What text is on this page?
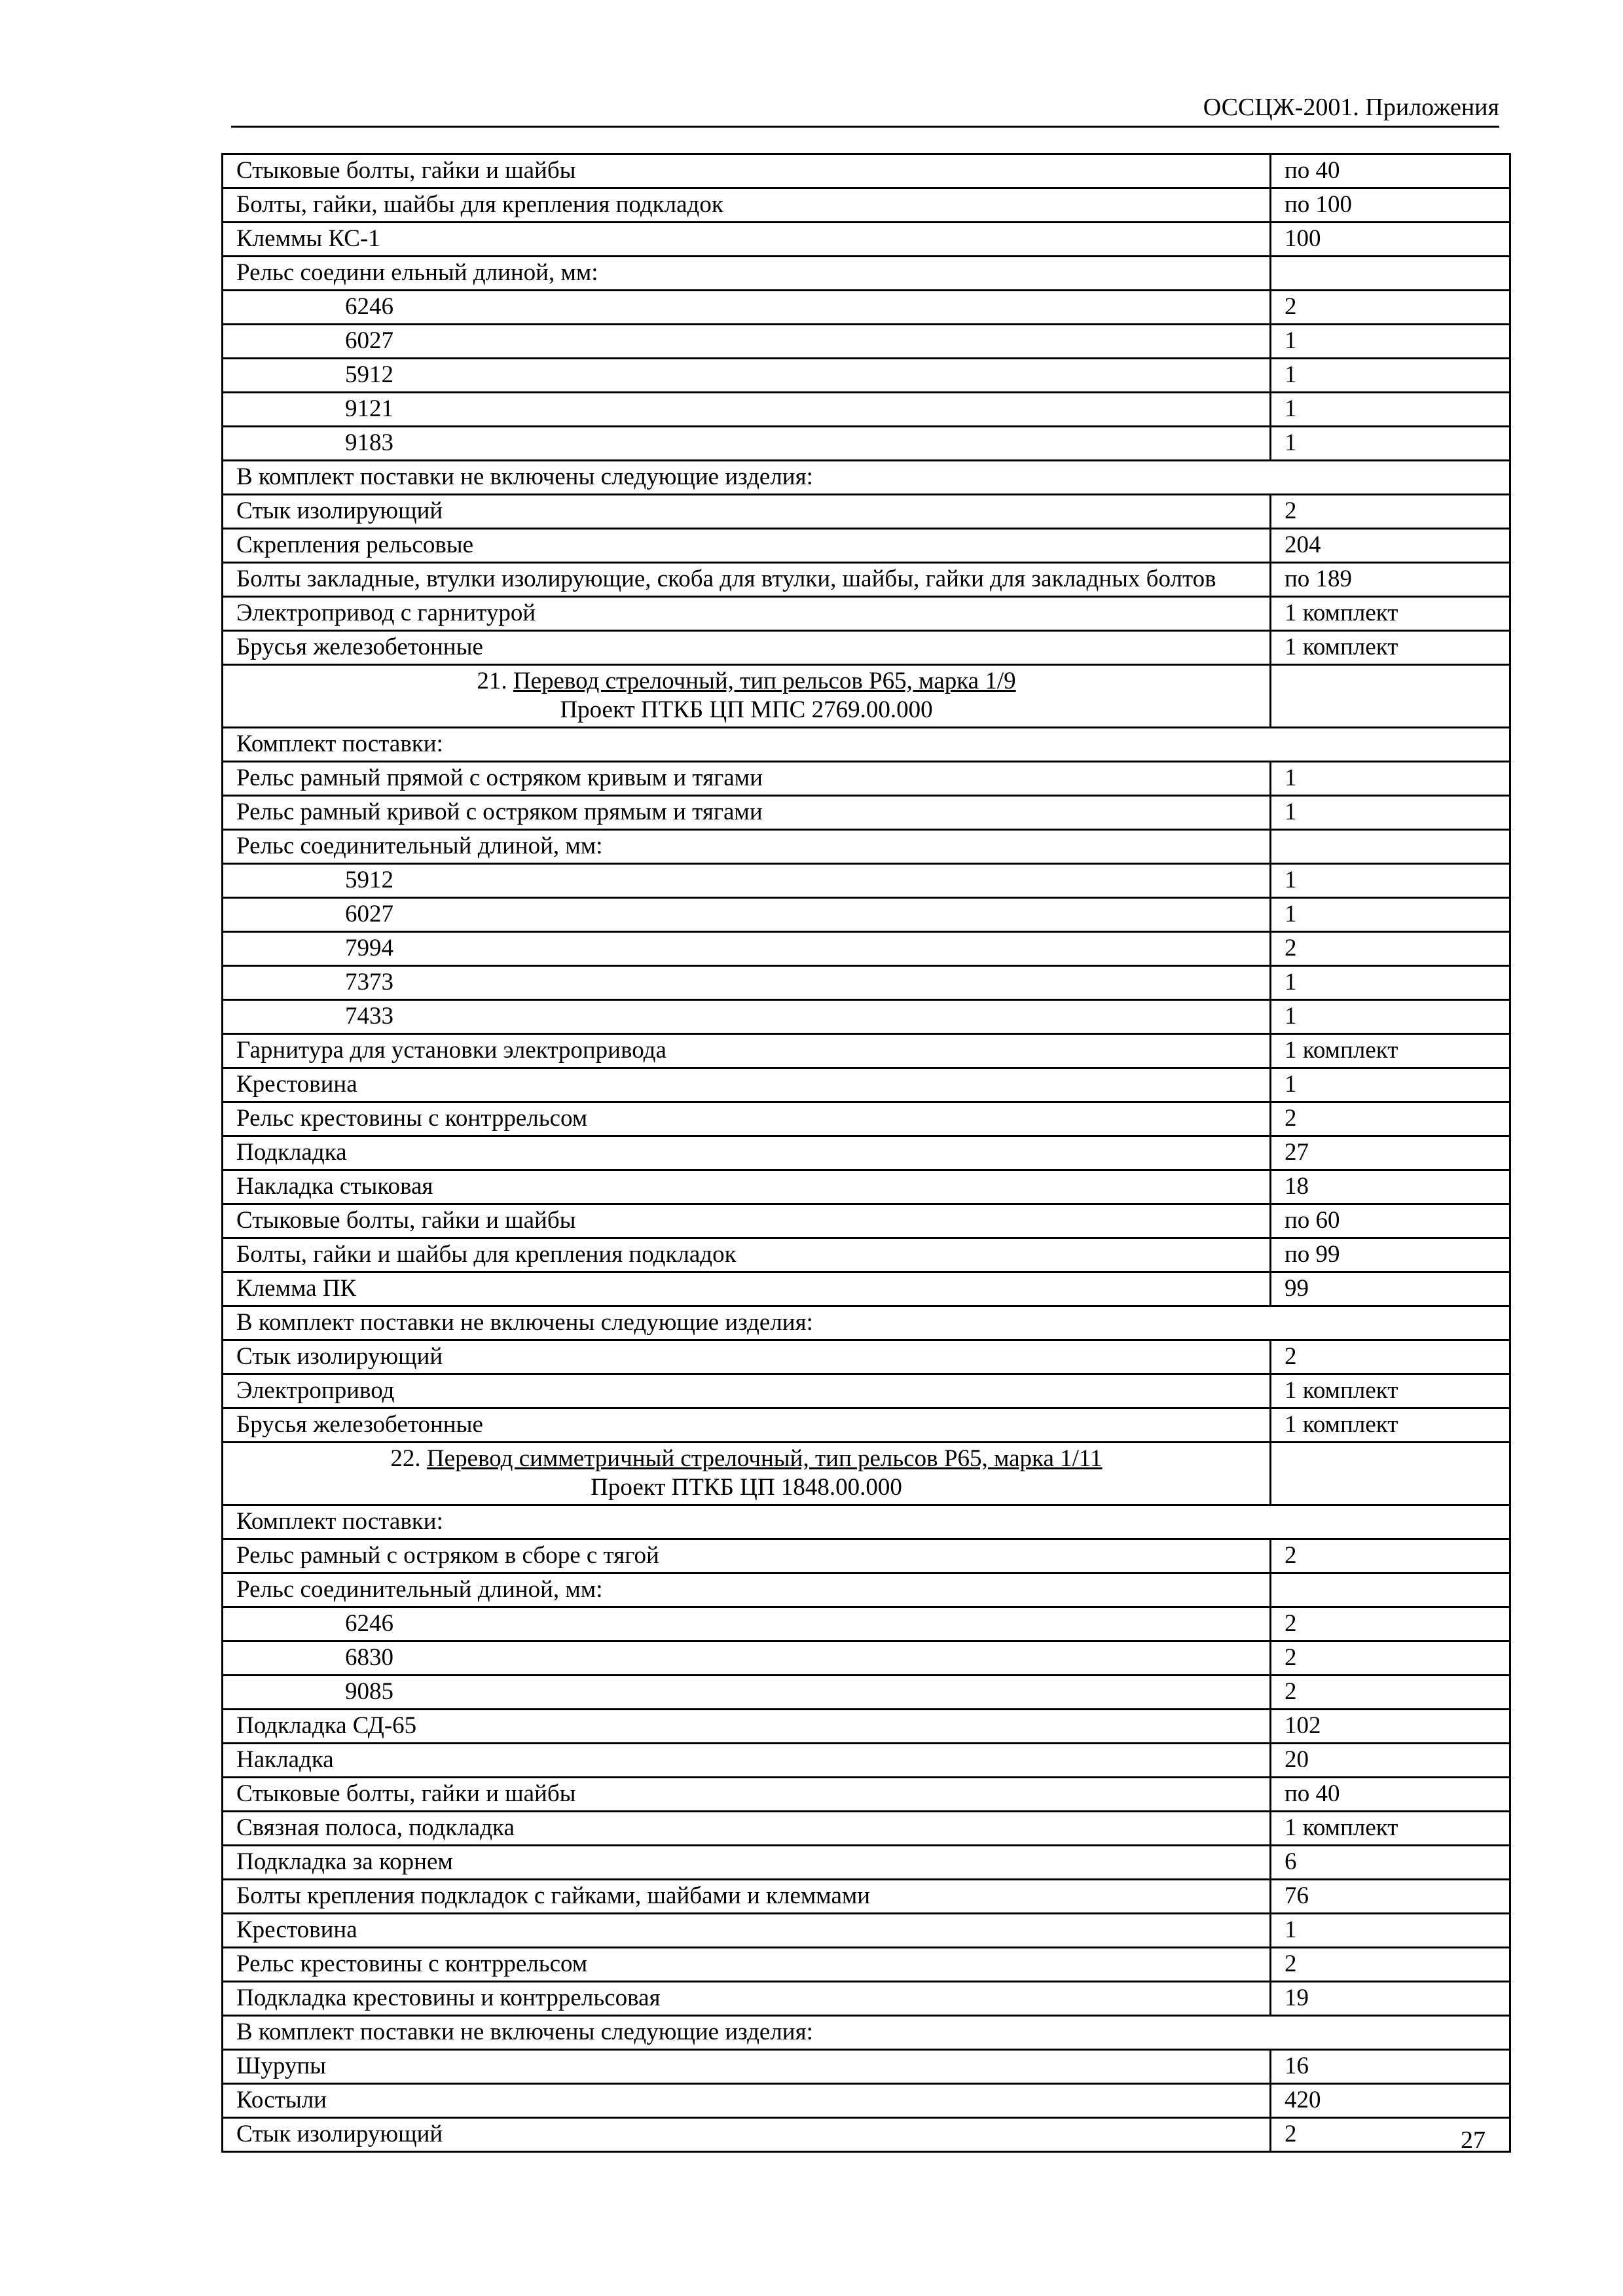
ОССЦЖ-2001. Приложения
Стыковые болты, гайки и шайбы	по 40
Болты, гайки, шайбы для крепления подкладок	по 100
Клеммы КС-1	100
Рельс соедини ельный длиной, мм:	
6246	2
6027	1
5912	1
9121	1
9183	1
В комплект поставки не включены следующие изделия:	
Стык изолирующий	2
Скрепления рельсовые	204
Болты закладные, втулки изолирующие, скоба для втулки, шайбы, гайки для закладных болтов	по 189
Электропривод с гарнитурой	1 комплект
Брусья железобетонные	1 комплект

21. Перевод стрелочный, тип рельсов Р65, марка 1/9
Проект ПТКБ ЦП МПС 2769.00.000	

Комплект поставки:	
Рельс рамный прямой с остряком кривым и тягами	1
Рельс рамный кривой с остряком прямым и тягами	1
Рельс соединительный длиной, мм:	
5912	1
6027	1
7994	2
7373	1
7433	1
Гарнитура для установки электропривода	1 комплект
Крестовина	1
Рельс крестовины с контррельсом	2
Подкладка	27
Накладка стыковая	18
Стыковые болты, гайки и шайбы	по 60
Болты, гайки и шайбы для крепления подкладок	по 99
Клемма ПК	99
В комплект поставки не включены следующие изделия:	
Стык изолирующий	2
Электропривод	1 комплект
Брусья железобетонные	1 комплект

22. Перевод симметричный стрелочный, тип рельсов Р65, марка 1/11
Проект ПТКБ ЦП 1848.00.000	

Комплект поставки:	
Рельс рамный с остряком в сборе с тягой	2
Рельс соединительный длиной, мм:	
6246	2
6830	2
9085	2
Подкладка СД-65	102
Накладка	20
Стыковые болты, гайки и шайбы	по 40
Связная полоса, подкладка	1 комплект
Подкладка за корнем	6
Болты крепления подкладок с гайками, шайбами и клеммами	76
Крестовина	1
Рельс крестовины с контррельсом	2
Подкладка крестовины и контррельсовая	19
В комплект поставки не включены следующие изделия:	
Шурупы	16
Костыли	420
Стык изолирующий	2	27
